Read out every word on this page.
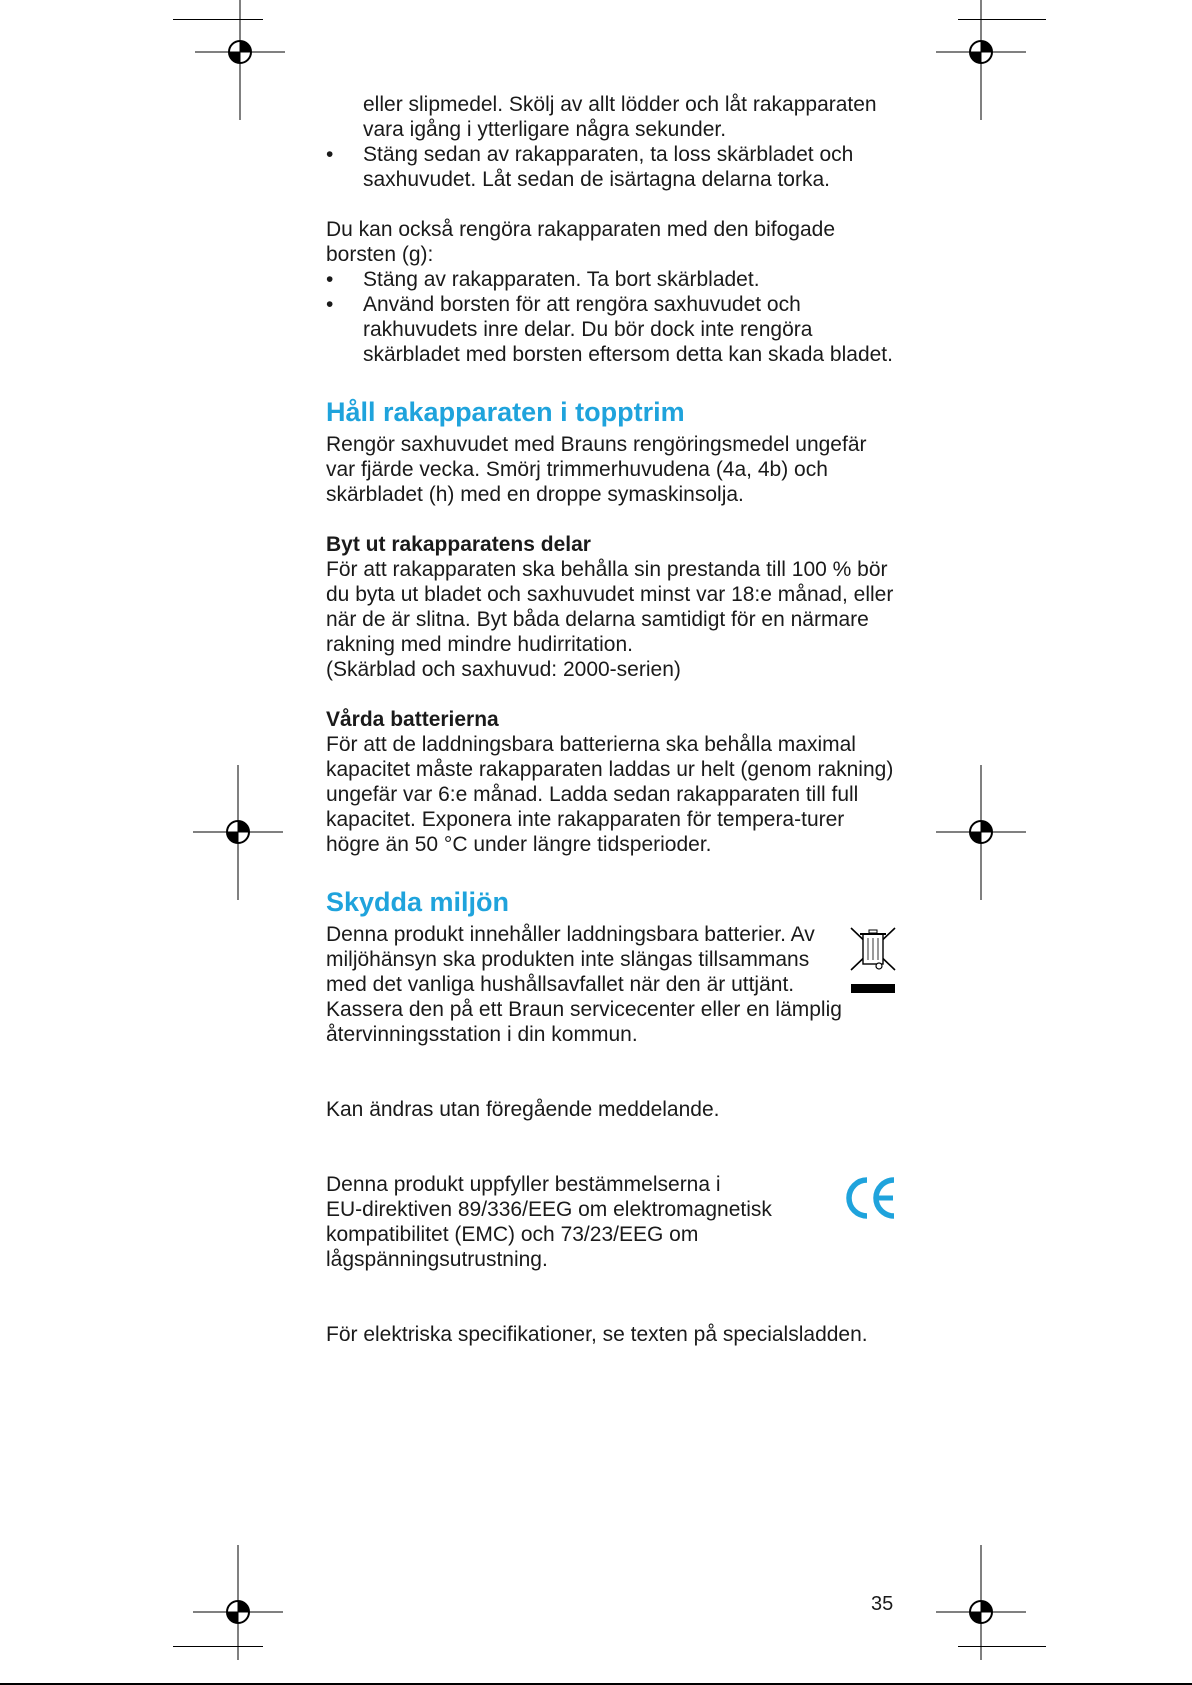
eller slipmedel. Skölj av allt lödder och låt rakapparaten vara igång i ytterligare några sekunder.

• Stäng sedan av rakapparaten, ta loss skärbladet och saxhuvudet. Låt sedan de isärtagna delarna torka.

Du kan också rengöra rakapparaten med den bifogade borsten (g):

• Stäng av rakapparaten. Ta bort skärbladet.

• Använd borsten för att rengöra saxhuvudet och rakhuvudets inre delar. Du bör dock inte rengöra skärbladet med borsten eftersom detta kan skada bladet.

Håll rakapparaten i topptrim

Rengör saxhuvudet med Brauns rengöringsmedel ungefär var fjärde vecka. Smörj trimmerhuvudena (4a, 4b) och skärbladet (h) med en droppe symaskinsolja.

Byt ut rakapparatens delar

För att rakapparaten ska behålla sin prestanda till 100 % bör du byta ut bladet och saxhuvudet minst var 18:e månad, eller när de är slitna. Byt båda delarna samtidigt för en närmare rakning med mindre hudirritation.

(Skärblad och saxhuvud: 2000-serien)

Vårda batterierna

För att de laddningsbara batterierna ska behålla maximal kapacitet måste rakapparaten laddas ur helt (genom rakning) ungefär var 6:e månad. Ladda sedan rakapparaten till full kapacitet. Exponera inte rakapparaten för tempera-turer högre än 50 °C under längre tidsperioder.

Skydda miljön

Denna produkt innehåller laddningsbara batterier. Av

miljöhänsyn ska produkten inte slängas tillsammans

med det vanliga hushållsavfallet när den är uttjänt.

Kassera den på ett Braun servicecenter eller en lämplig

återvinningsstation i din kommun.

Kan ändras utan föregående meddelande.

Denna produkt uppfyller bestämmelserna i

EU-direktiven 89/336/EEG om elektromagnetisk

kompatibilitet (EMC) och 73/23/EEG om

lågspänningsutrustning.

För elektriska specifikationer, se texten på specialsladden.

35
